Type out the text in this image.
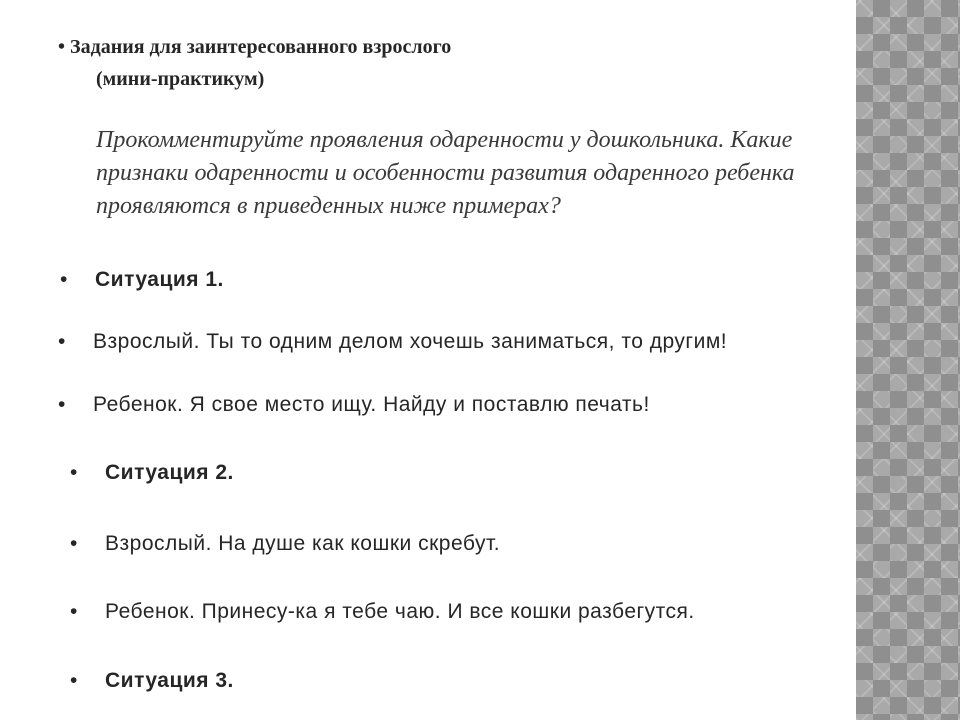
• Задания для заинтересованного взрослого
(мини-практикум)
Прокомментируйте проявления одаренности у дошкольника. Какие признаки одаренности и особенности развития одаренного ребенка проявляются в приведенных ниже примерах?
• Ситуация 1.
• Взрослый. Ты то одним делом хочешь заниматься, то другим!
• Ребенок. Я свое место ищу. Найду и поставлю печать!
• Ситуация 2.
• Взрослый. На душе как кошки скребут.
• Ребенок. Принесу-ка я тебе чаю. И все кошки разбегутся.
• Ситуация 3.
